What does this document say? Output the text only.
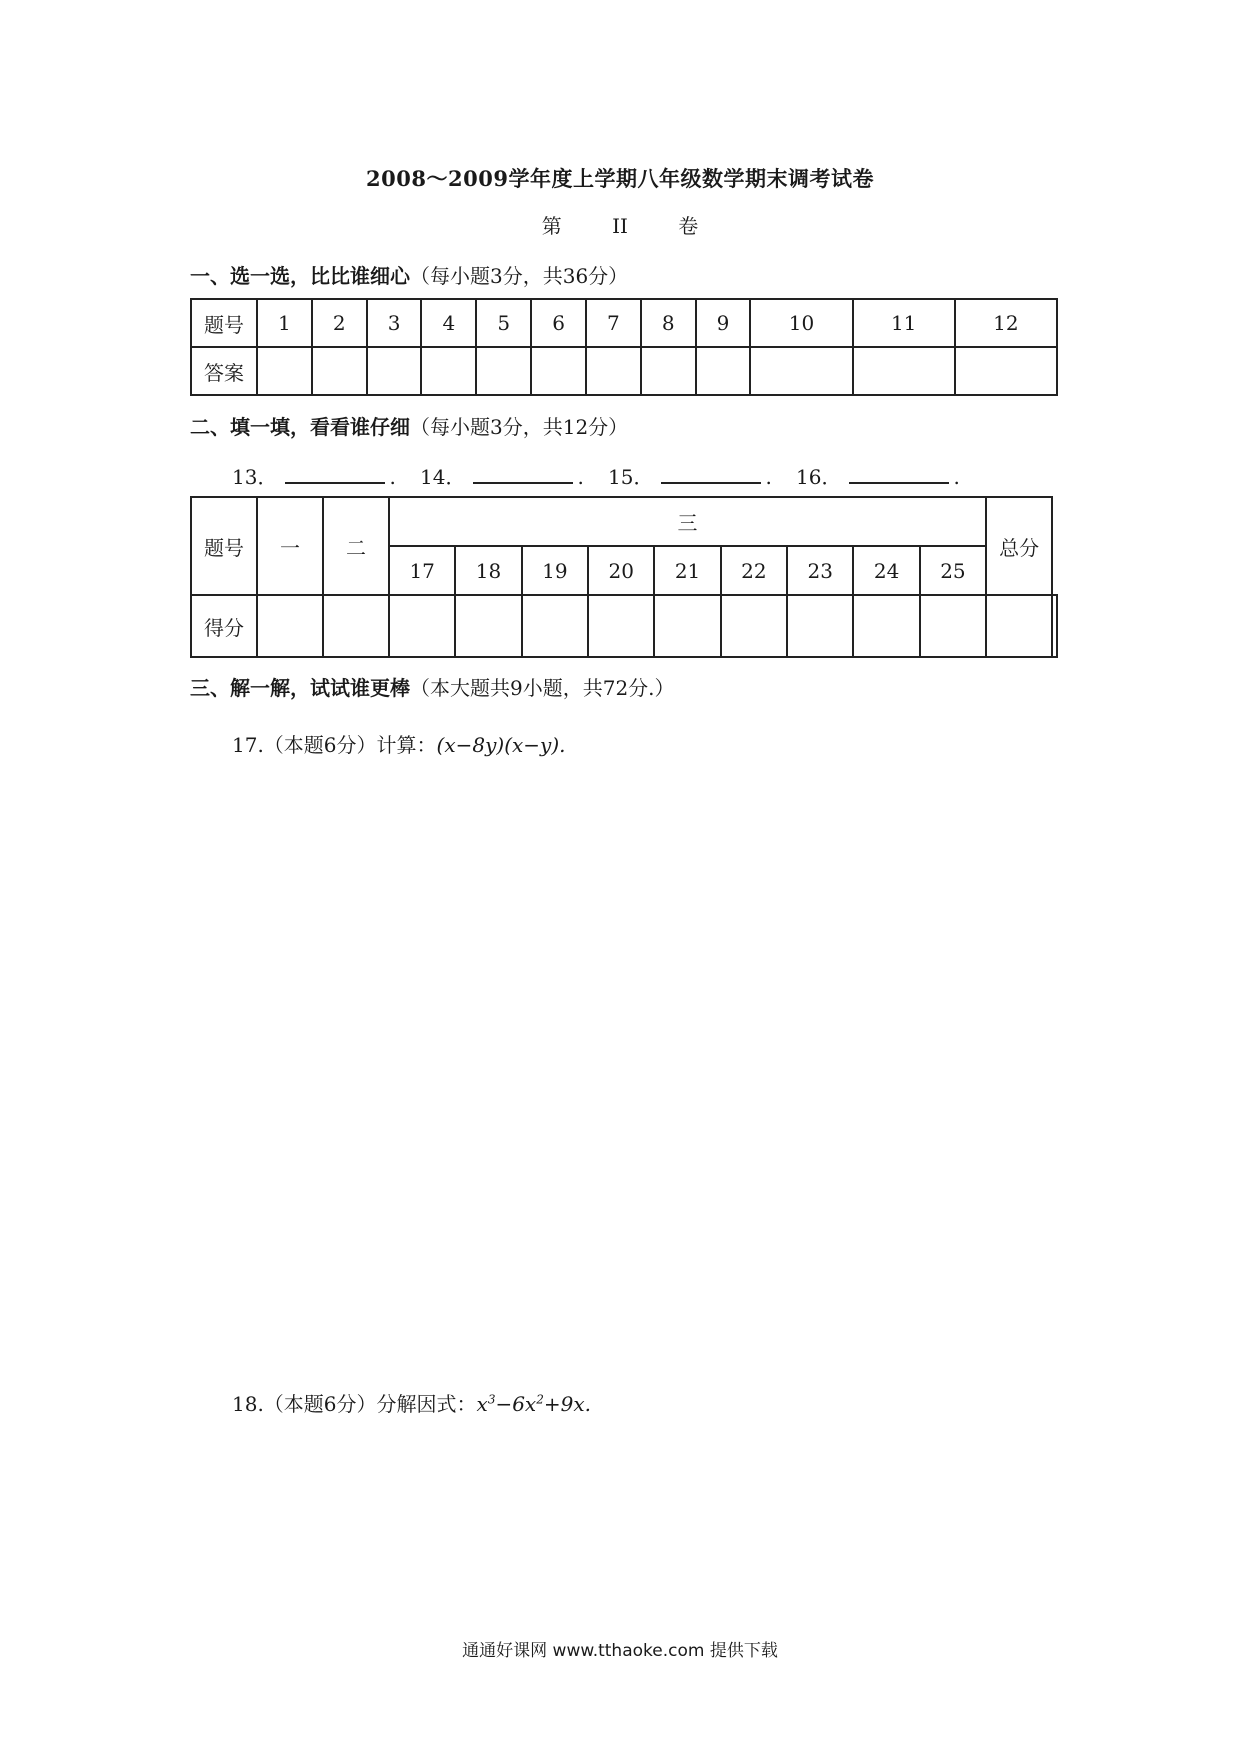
2008～2009学年度上学期八年级数学期末调考试卷
第	II	卷
一、选一选，比比谁细心（每小题3分，共36分）
题号	1	2	3	4	5	6	7	8	9	10	11	12
答案												
二、填一填，看看谁仔细（每小题3分，共12分）
13．	. 14．	. 15．	. 16．	.
题号	一	二	三									总分	
			17	18	19	20	21	22	23	24	25		
得分													
三、解一解，试试谁更棒（本大题共9小题，共72分.）
17.（本题6分）计算：(x−8y)(x−y).
18.（本题6分）分解因式：$x^3-6x^2+9x$.
通通好课网 www.tthaoke.com 提供下载
